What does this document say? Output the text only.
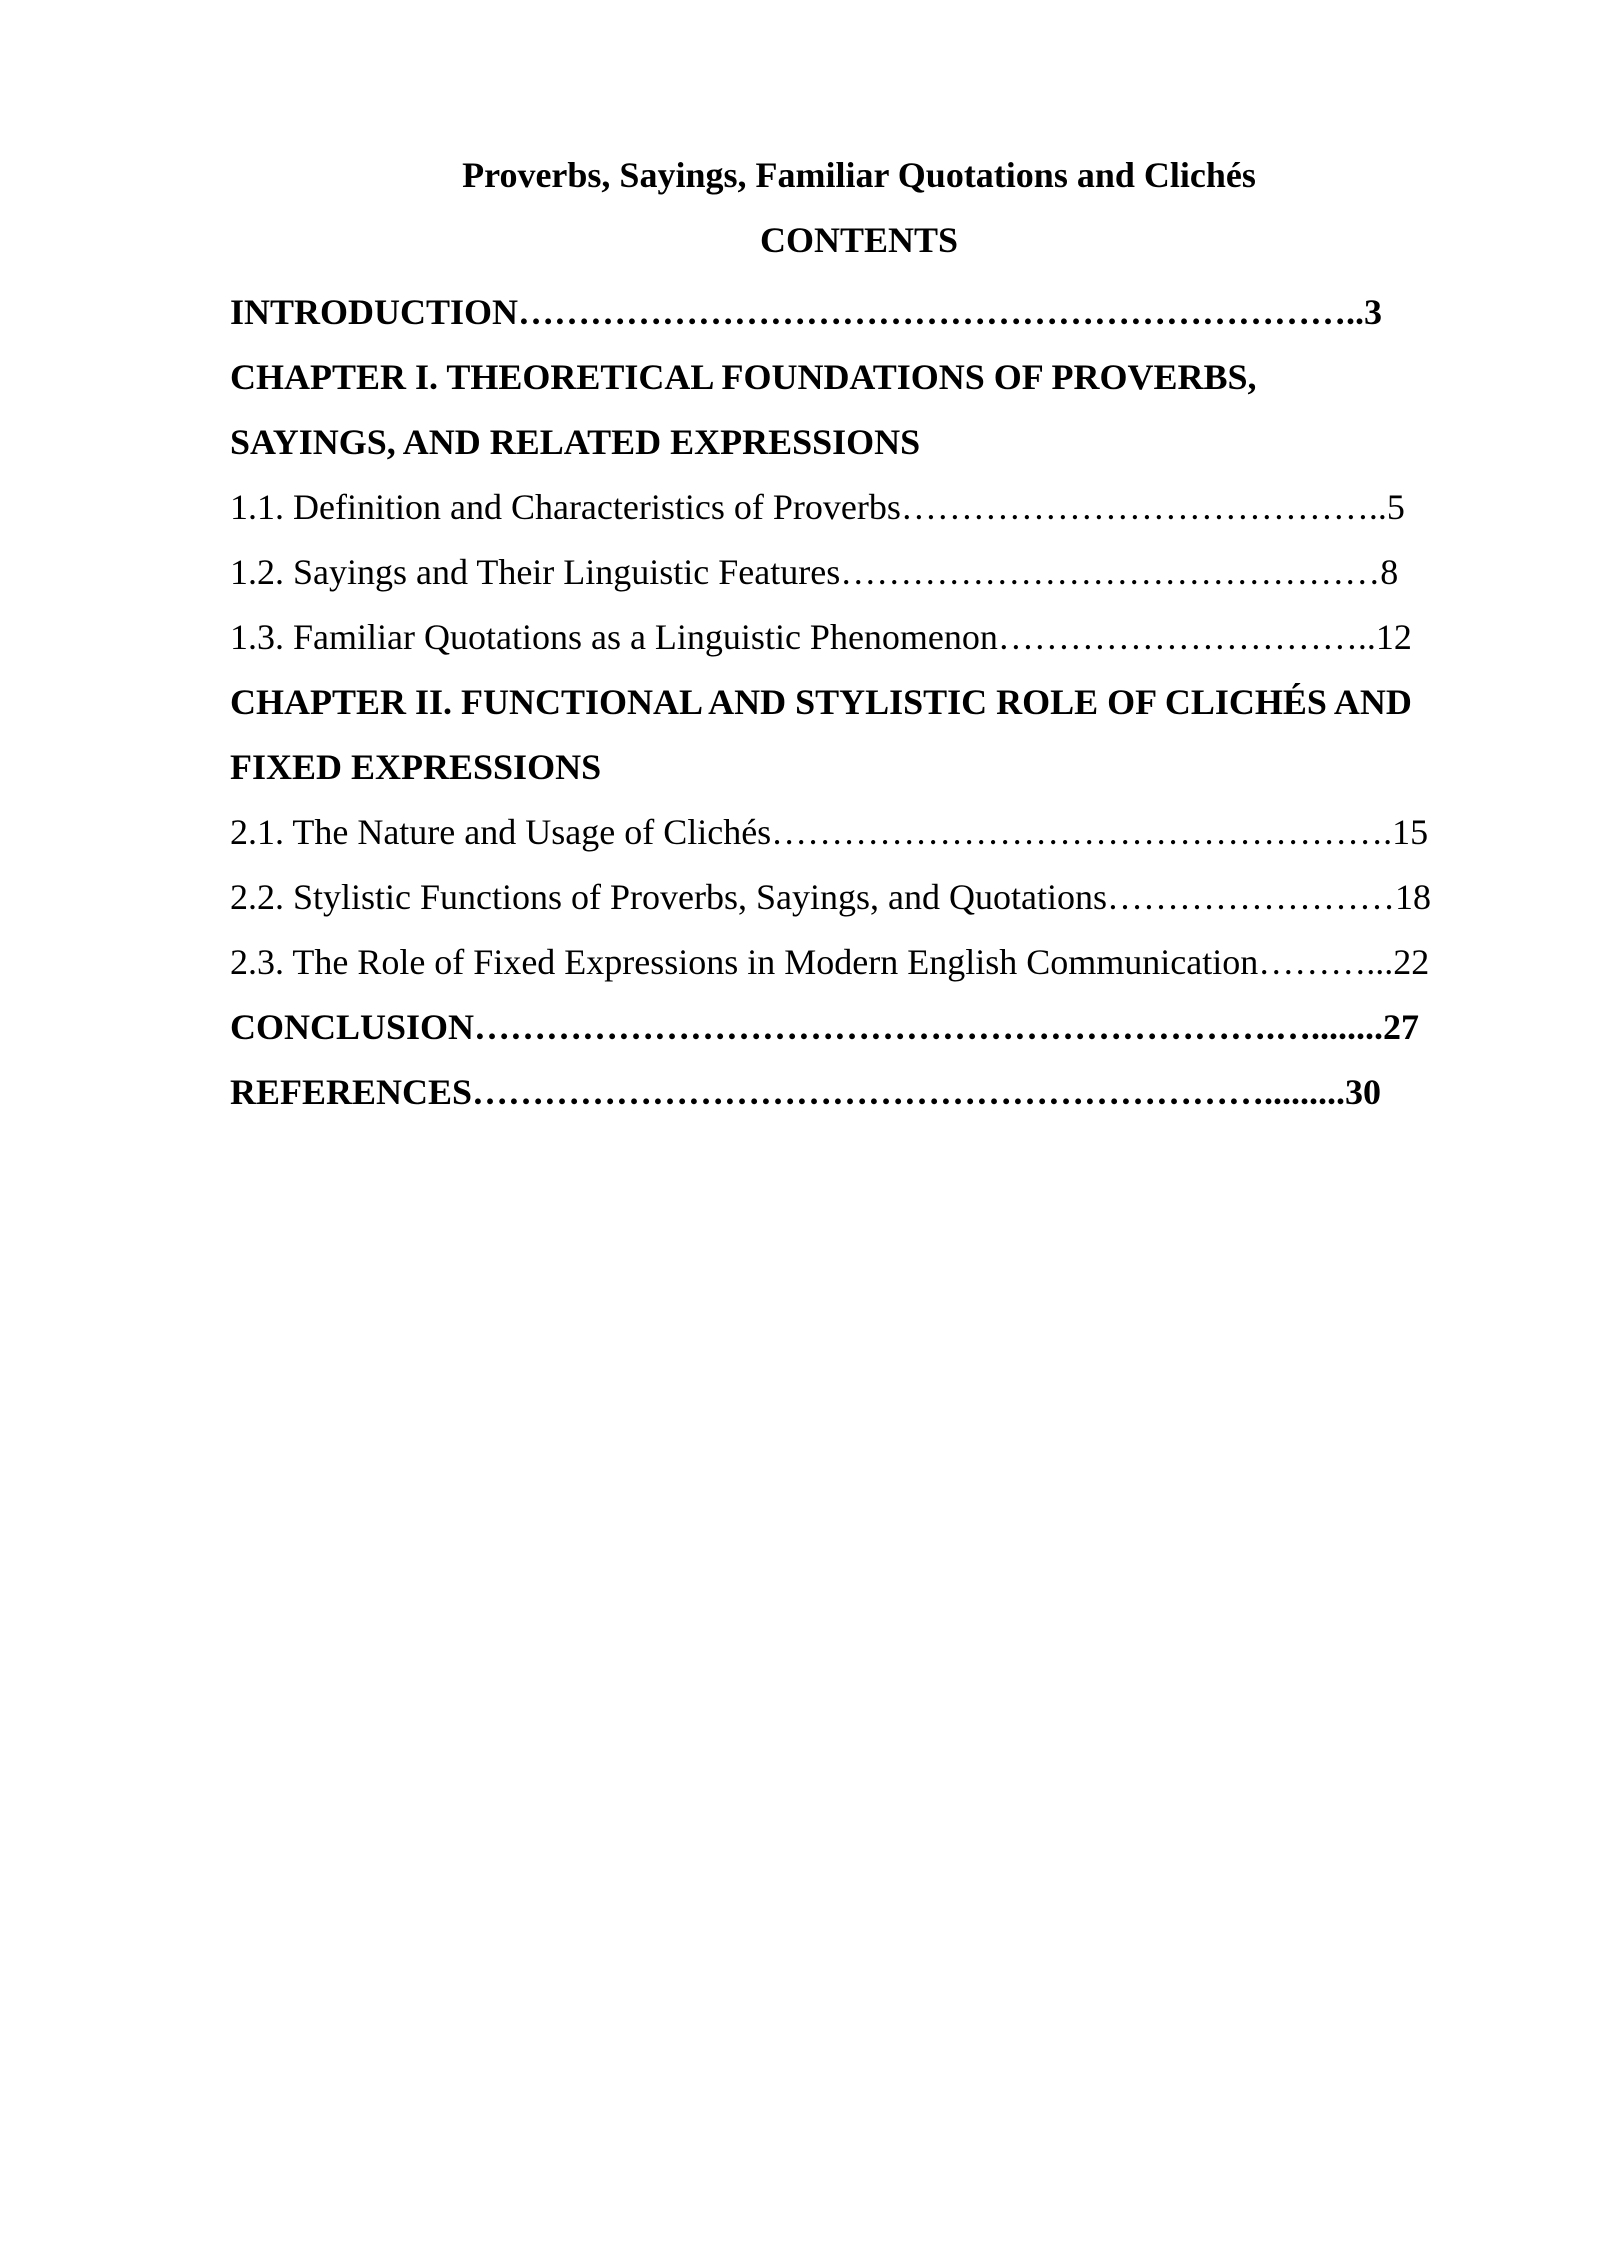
Proverbs, Sayings, Familiar Quotations and Clichés
CONTENTS
INTRODUCTION……………………………………………………………..3
CHAPTER I. THEORETICAL FOUNDATIONS OF PROVERBS,
SAYINGS, AND RELATED EXPRESSIONS
1.1. Definition and Characteristics of Proverbs…………………………………..5
1.2. Sayings and Their Linguistic Features………………………………………8
1.3. Familiar Quotations as a Linguistic Phenomenon…………………………..12
CHAPTER II. FUNCTIONAL AND STYLISTIC ROLE OF CLICHÉS AND
FIXED EXPRESSIONS
2.1. The Nature and Usage of Clichés…………………………………………….15
2.2. Stylistic Functions of Proverbs, Sayings, and Quotations……………………18
2.3. The Role of Fixed Expressions in Modern English Communication………...22
CONCLUSION………………………………………………………….…........27
REFERENCES………………………………………………………….........30
